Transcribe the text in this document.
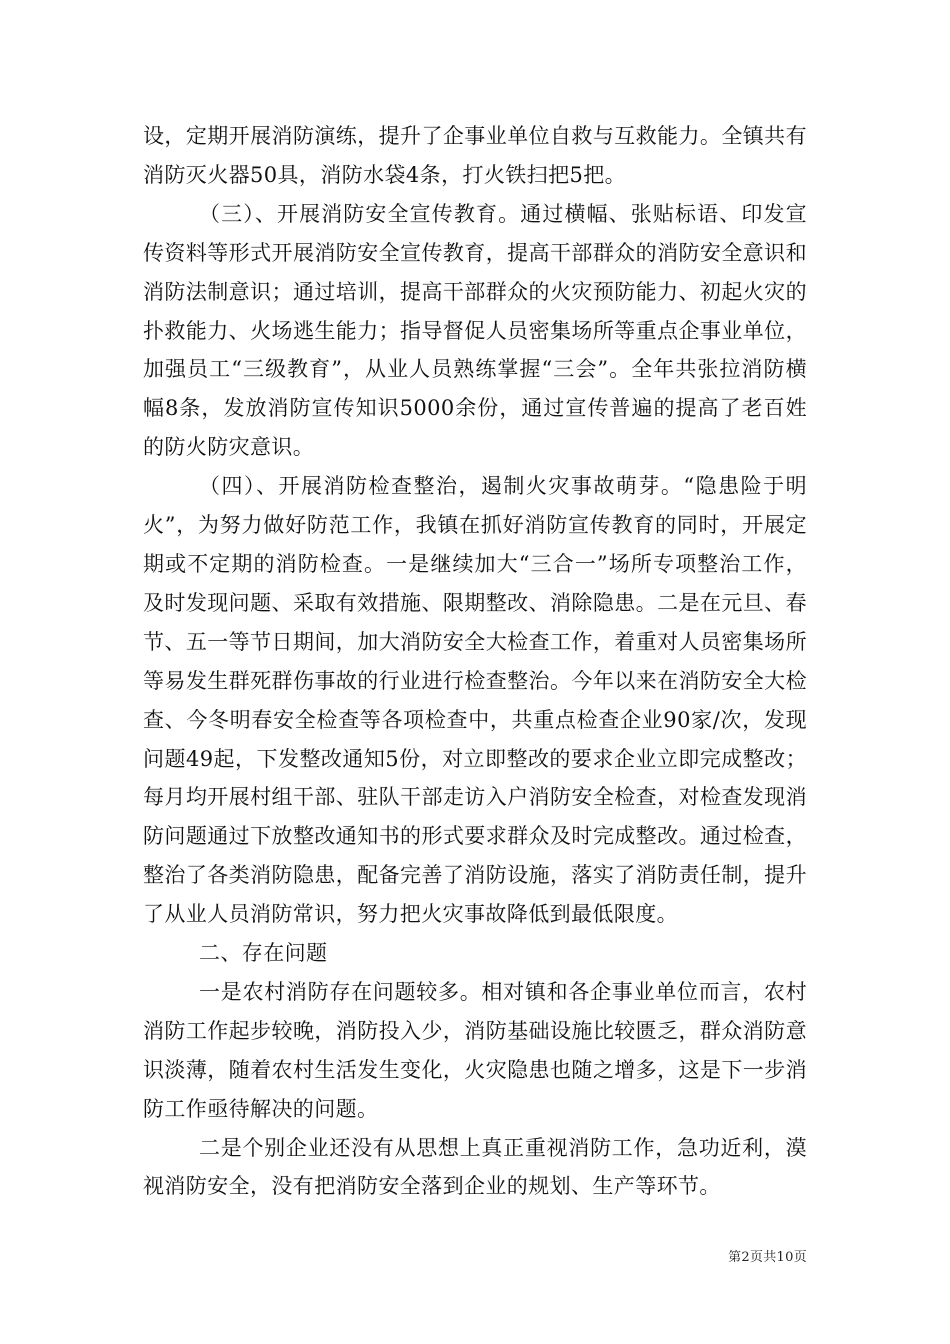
设，定期开展消防演练，提升了企事业单位自救与互救能力。全镇共有消防灭火器50具，消防水袋4条，打火铁扫把5把。

（三）、开展消防安全宣传教育。通过横幅、张贴标语、印发宣传资料等形式开展消防安全宣传教育，提高干部群众的消防安全意识和消防法制意识；通过培训，提高干部群众的火灾预防能力、初起火灾的扑救能力、火场逃生能力；指导督促人员密集场所等重点企事业单位，加强员工“三级教育”，从业人员熟练掌握“三会”。全年共张拉消防横幅8条，发放消防宣传知识5000余份，通过宣传普遍的提高了老百姓的防火防灾意识。

（四）、开展消防检查整治，遏制火灾事故萌芽。“隐患险于明火”，为努力做好防范工作，我镇在抓好消防宣传教育的同时，开展定期或不定期的消防检查。一是继续加大“三合一”场所专项整治工作，及时发现问题、采取有效措施、限期整改、消除隐患。二是在元旦、春节、五一等节日期间，加大消防安全大检查工作，着重对人员密集场所等易发生群死群伤事故的行业进行检查整治。今年以来在消防安全大检查、今冬明春安全检查等各项检查中，共重点检查企业90家/次，发现问题49起，下发整改通知5份，对立即整改的要求企业立即完成整改；每月均开展村组干部、驻队干部走访入户消防安全检查，对检查发现消防问题通过下放整改通知书的形式要求群众及时完成整改。通过检查，整治了各类消防隐患，配备完善了消防设施，落实了消防责任制，提升了从业人员消防常识，努力把火灾事故降低到最低限度。

二、存在问题

一是农村消防存在问题较多。相对镇和各企事业单位而言，农村消防工作起步较晚，消防投入少，消防基础设施比较匮乏，群众消防意识淡薄，随着农村生活发生变化，火灾隐患也随之增多，这是下一步消防工作亟待解决的问题。

二是个别企业还没有从思想上真正重视消防工作，急功近利，漠视消防安全，没有把消防安全落到企业的规划、生产等环节。

第2页共10页
